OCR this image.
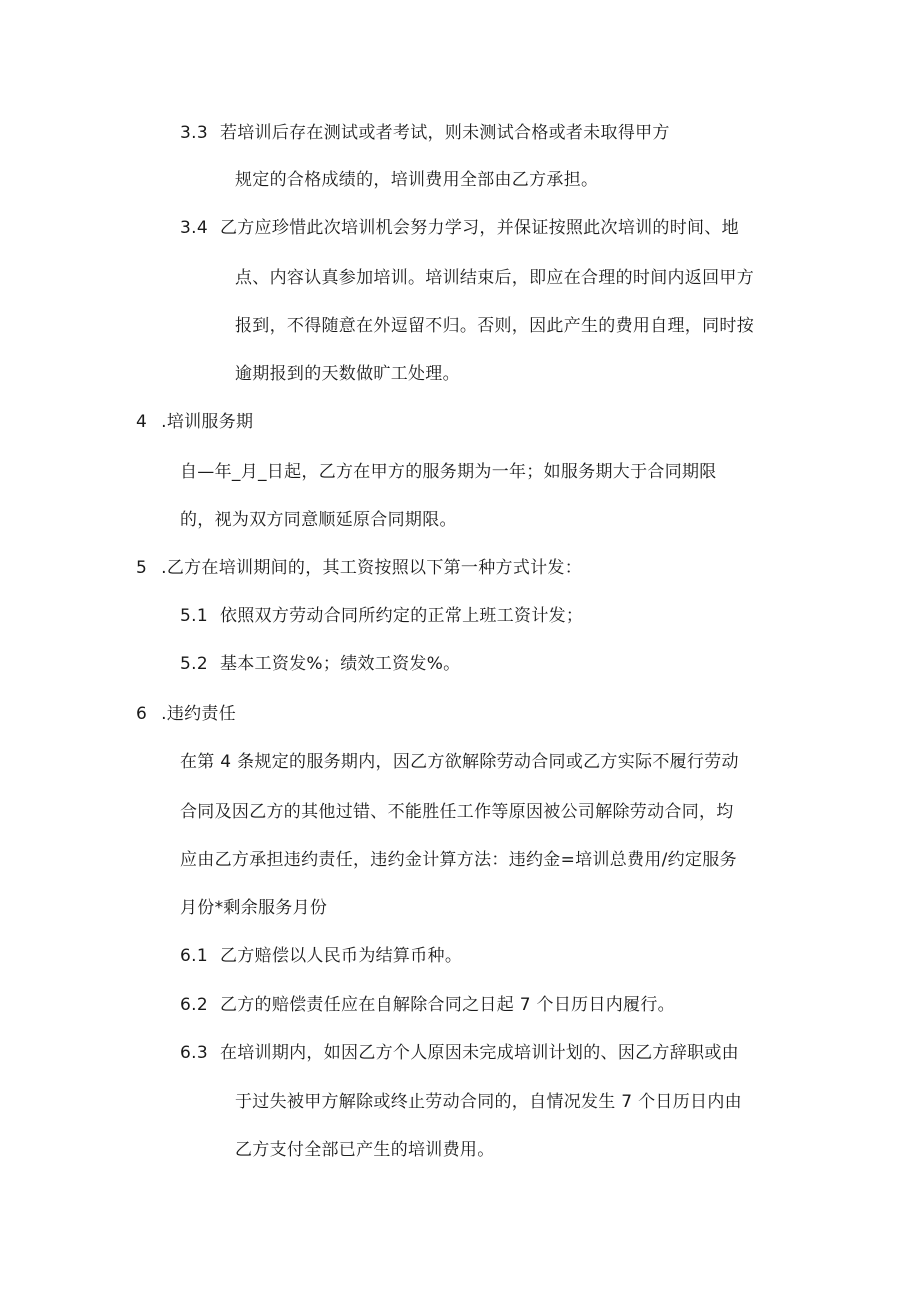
3.3 若培训后存在测试或者考试，则未测试合格或者未取得甲方
规定的合格成绩的，培训费用全部由乙方承担。
3.4 乙方应珍惜此次培训机会努力学习，并保证按照此次培训的时间、地
点、内容认真参加培训。培训结束后，即应在合理的时间内返回甲方
报到，不得随意在外逗留不归。否则，因此产生的费用自理，同时按
逾期报到的天数做旷工处理。
4 .培训服务期
自—年_月_日起，乙方在甲方的服务期为一年；如服务期大于合同期限
的，视为双方同意顺延原合同期限。
5 .乙方在培训期间的，其工资按照以下第一种方式计发：
5.1 依照双方劳动合同所约定的正常上班工资计发；
5.2 基本工资发%；绩效工资发%。
6 .违约责任
在第 4 条规定的服务期内，因乙方欲解除劳动合同或乙方实际不履行劳动
合同及因乙方的其他过错、不能胜任工作等原因被公司解除劳动合同，均
应由乙方承担违约责任，违约金计算方法：违约金=培训总费用/约定服务
月份*剩余服务月份
6.1 乙方赔偿以人民币为结算币种。
6.2 乙方的赔偿责任应在自解除合同之日起 7 个日历日内履行。
6.3 在培训期内，如因乙方个人原因未完成培训计划的、因乙方辞职或由
于过失被甲方解除或终止劳动合同的，自情况发生 7 个日历日内由
乙方支付全部已产生的培训费用。
